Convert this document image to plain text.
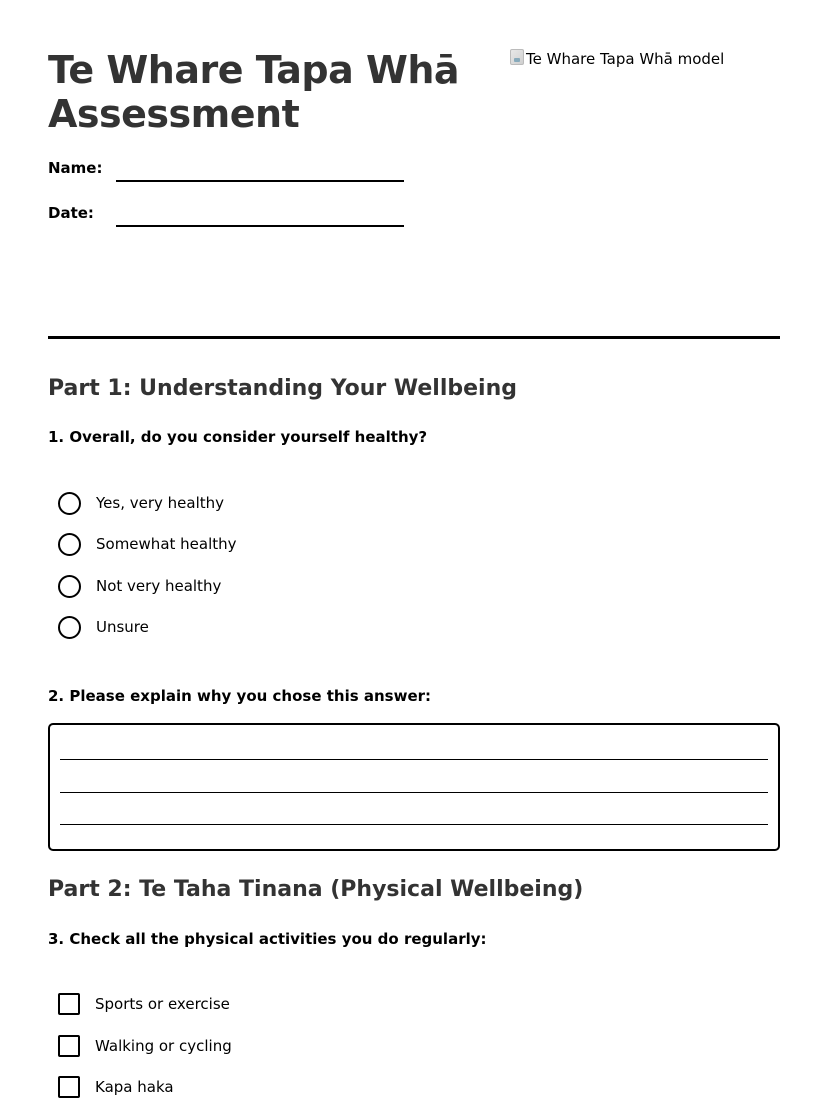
Te Whare Tapa Whā Assessment
Te Whare Tapa Whā model
Name:
Date:
Part 1: Understanding Your Wellbeing

1. Overall, do you consider yourself healthy?

Yes, very healthy
Somewhat healthy
Not very healthy
Unsure

2. Please explain why you chose this answer:

Part 2: Te Taha Tinana (Physical Wellbeing)

3. Check all the physical activities you do regularly:

Sports or exercise
Walking or cycling
Kapa haka
